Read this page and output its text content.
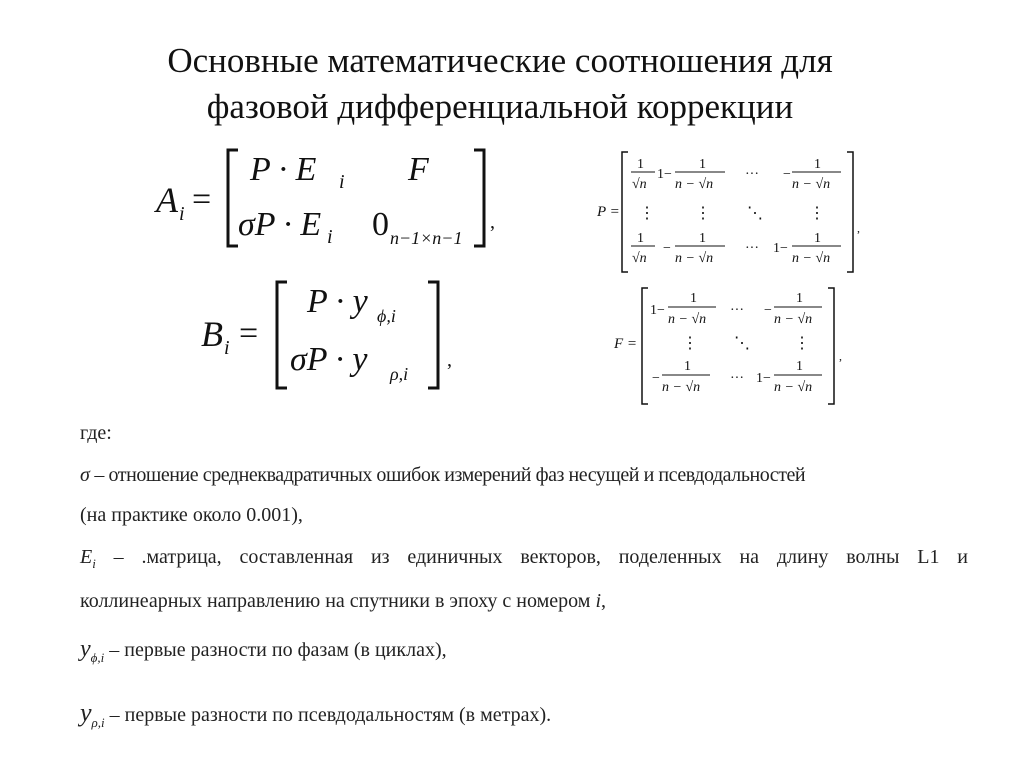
Основные математические соотношения для
фазовой дифференциальной коррекции
A i =
P · E i F
σP · E i 0 n−1×n−1
,
B i =
P · y ϕ,i
σP · y ρ,i
,
P =
1
√n
1−
1
n − √n
··· −
1
n − √n
⋮	⋮ ⋱	⋮
1
√n
−
1
n − √n
··· 1−
1
n − √n
,
F =
1−
1
n − √n
··· −
1
n − √n
⋮ ⋱	⋮
−
1
n − √n
··· 1−
1
n − √n
,
где:
σ – отношение среднеквадратичных ошибок измерений фаз несущей и псевдодальностей
(на практике около 0.001),
$E_i$ – .матрица, составленная из единичных векторов, поделенных на длину волны L1 и
коллинеарных направлению на спутники в эпоху с номером i,
$y_{\phi,i}$ – первые разности по фазам (в циклах),
$y_{\rho,i}$ – первые разности по псевдодальностям (в метрах).
